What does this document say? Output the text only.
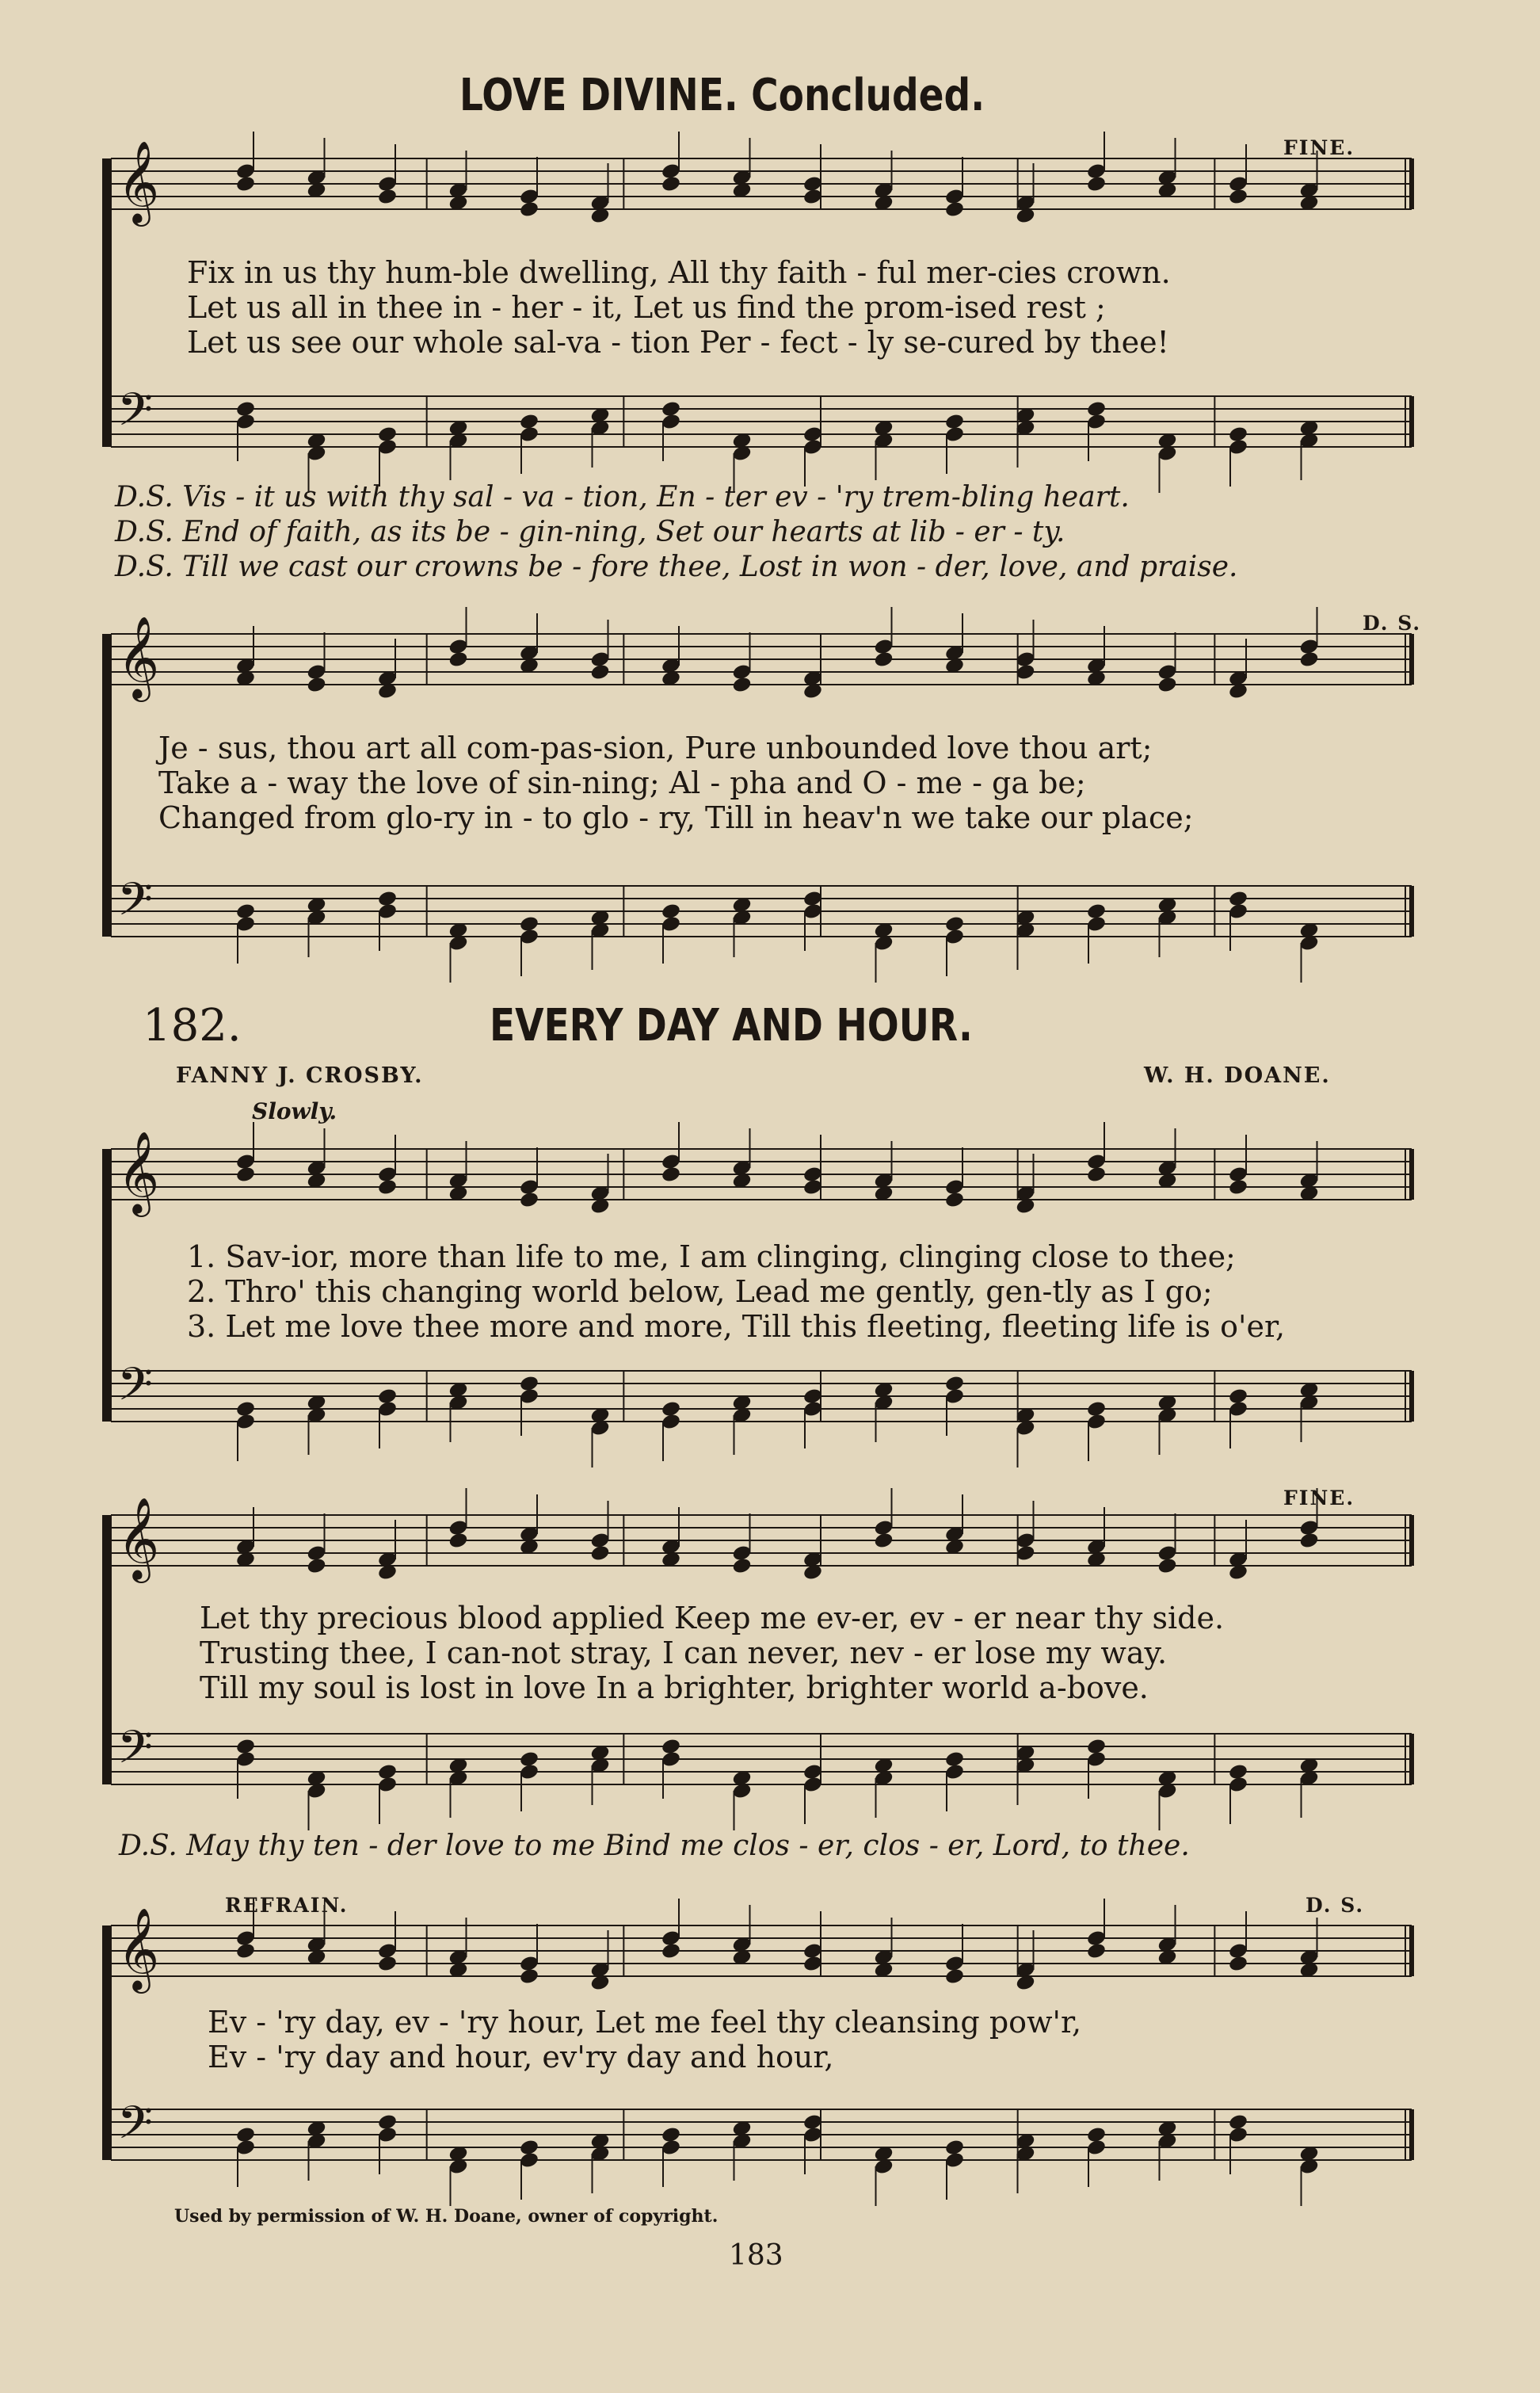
𝄞
𝄢
𝄞
𝄢
𝄞
𝄢
𝄞
𝄢
𝄞
𝄢
LOVE DIVINE. Concluded.
FINE.
Fix in us thy hum-ble dwelling, All thy faith - ful mer-cies crown.
Let us all in thee in - her - it, Let us find the prom-ised rest ;
Let us see our whole sal-va - tion Per - fect - ly se-cured by thee!
D.S. Vis - it us with thy sal - va - tion, En - ter ev - 'ry trem-bling heart.
D.S. End of faith, as its be - gin-ning, Set our hearts at lib - er - ty.
D.S. Till we cast our crowns be - fore thee, Lost in won - der, love, and praise.
D. S.
Je - sus, thou art all com-pas-sion, Pure unbounded love thou art;
Take a - way the love of sin-ning; Al - pha and O - me - ga be;
Changed from glo-ry in - to glo - ry, Till in heav'n we take our place;
182.	EVERY DAY AND HOUR.
FANNY J. CROSBY.	W. H. DOANE.
Slowly.
1. Sav-ior, more than life to me, I am clinging, clinging close to thee;
2. Thro' this changing world below, Lead me gently, gen-tly as I go;
3. Let me love thee more and more, Till this fleeting, fleeting life is o'er,
FINE.
Let thy precious blood applied Keep me ev-er, ev - er near thy side.
Trusting thee, I can-not stray, I can never, nev - er lose my way.
Till my soul is lost in love In a brighter, brighter world a-bove.
D.S. May thy ten - der love to me Bind me clos - er, clos - er, Lord, to thee.
REFRAIN.	D. S.
Ev - 'ry day, ev - 'ry hour, Let me feel thy cleansing pow'r,
Ev - 'ry day and hour, ev'ry day and hour,
Used by permission of W. H. Doane, owner of copyright.
183
